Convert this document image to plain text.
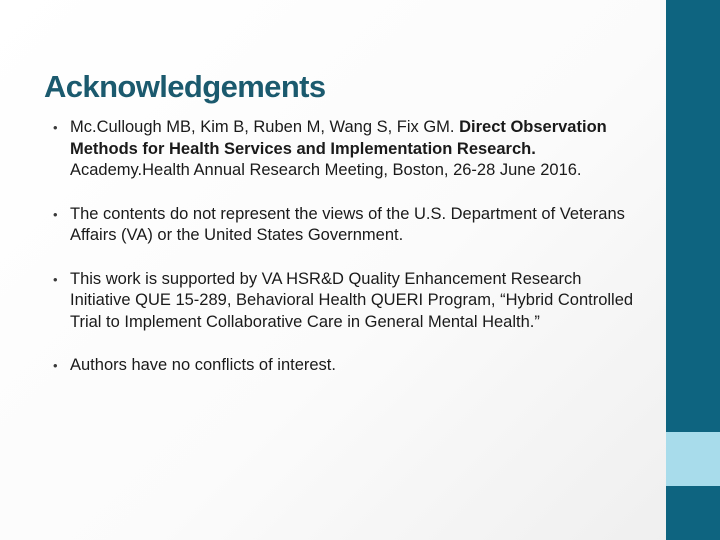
Acknowledgements
• Mc.Cullough MB, Kim B, Ruben M, Wang S, Fix GM. Direct Observation Methods for Health Services and Implementation Research. Academy.Health Annual Research Meeting, Boston, 26-28 June 2016.
• The contents do not represent the views of the U.S. Department of Veterans Affairs (VA) or the United States Government.
• This work is supported by VA HSR&D Quality Enhancement Research Initiative QUE 15-289, Behavioral Health QUERI Program, “Hybrid Controlled Trial to Implement Collaborative Care in General Mental Health.”
• Authors have no conflicts of interest.
